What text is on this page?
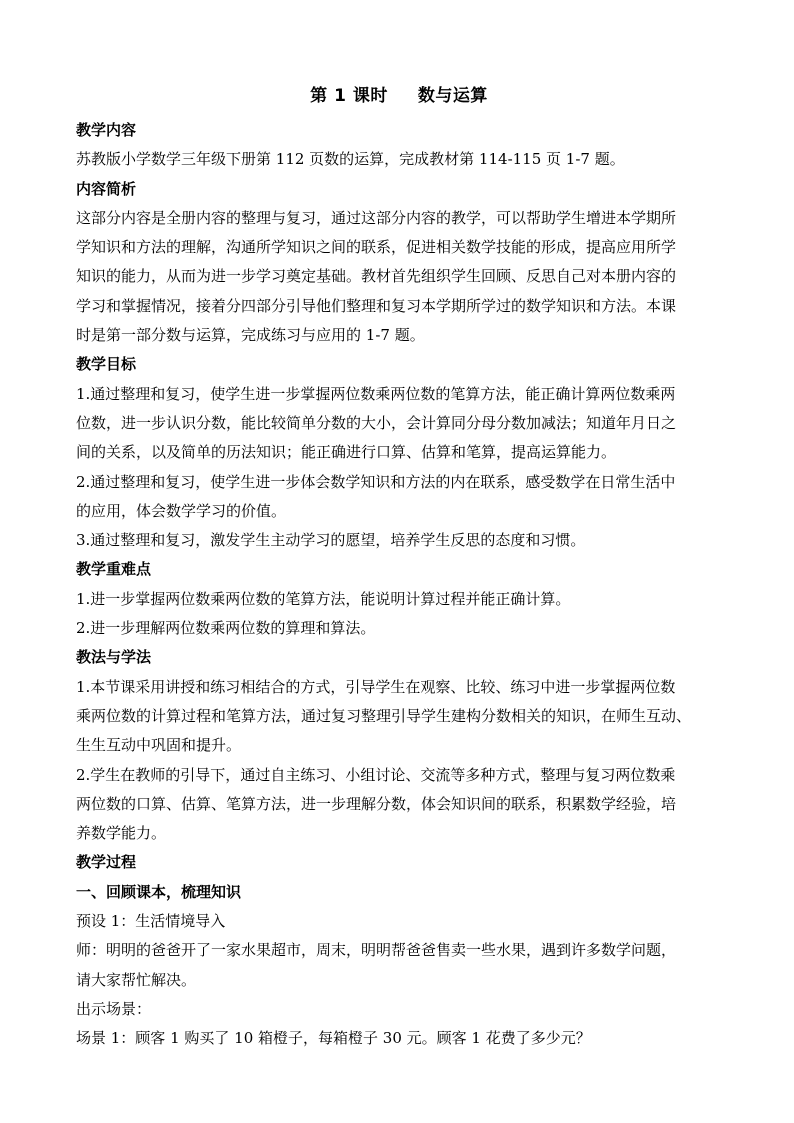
第 1 课时 数与运算
教学内容
苏教版小学数学三年级下册第 112 页数的运算，完成教材第 114-115 页 1-7 题。
内容简析
这部分内容是全册内容的整理与复习，通过这部分内容的教学，可以帮助学生增进本学期所
学知识和方法的理解，沟通所学知识之间的联系，促进相关数学技能的形成，提高应用所学
知识的能力，从而为进一步学习奠定基础。教材首先组织学生回顾、反思自己对本册内容的
学习和掌握情况，接着分四部分引导他们整理和复习本学期所学过的数学知识和方法。本课
时是第一部分数与运算，完成练习与应用的 1-7 题。
教学目标
1.通过整理和复习，使学生进一步掌握两位数乘两位数的笔算方法，能正确计算两位数乘两
位数，进一步认识分数，能比较简单分数的大小，会计算同分母分数加减法；知道年月日之
间的关系，以及简单的历法知识；能正确进行口算、估算和笔算，提高运算能力。
2.通过整理和复习，使学生进一步体会数学知识和方法的内在联系，感受数学在日常生活中
的应用，体会数学学习的价值。
3.通过整理和复习，激发学生主动学习的愿望，培养学生反思的态度和习惯。
教学重难点
1.进一步掌握两位数乘两位数的笔算方法，能说明计算过程并能正确计算。
2.进一步理解两位数乘两位数的算理和算法。
教法与学法
1.本节课采用讲授和练习相结合的方式，引导学生在观察、比较、练习中进一步掌握两位数
乘两位数的计算过程和笔算方法，通过复习整理引导学生建构分数相关的知识，在师生互动、
生生互动中巩固和提升。
2.学生在教师的引导下，通过自主练习、小组讨论、交流等多种方式，整理与复习两位数乘
两位数的口算、估算、笔算方法，进一步理解分数，体会知识间的联系，积累数学经验，培
养数学能力。
教学过程
一、回顾课本，梳理知识
预设 1：生活情境导入
师：明明的爸爸开了一家水果超市，周末，明明帮爸爸售卖一些水果，遇到许多数学问题，
请大家帮忙解决。
出示场景：
场景 1：顾客 1 购买了 10 箱橙子，每箱橙子 30 元。顾客 1 花费了多少元？
